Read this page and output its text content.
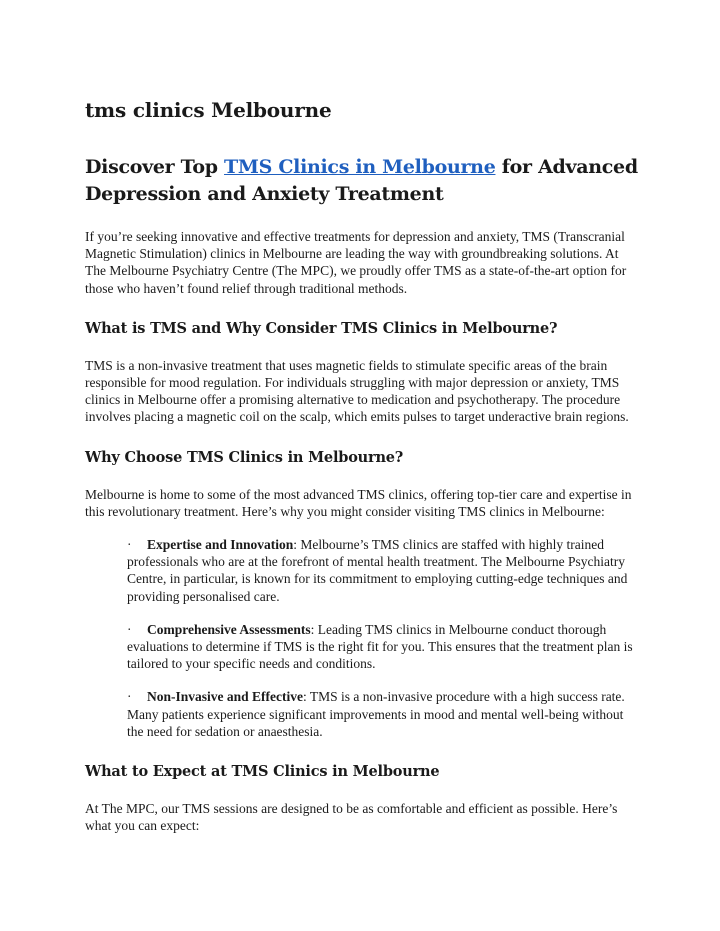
tms clinics Melbourne
Discover Top TMS Clinics in Melbourne for Advanced Depression and Anxiety Treatment

If you’re seeking innovative and effective treatments for depression and anxiety, TMS (Transcranial Magnetic Stimulation) clinics in Melbourne are leading the way with groundbreaking solutions. At The Melbourne Psychiatry Centre (The MPC), we proudly offer TMS as a state-of-the-art option for those who haven’t found relief through traditional methods.

What is TMS and Why Consider TMS Clinics in Melbourne?

TMS is a non-invasive treatment that uses magnetic fields to stimulate specific areas of the brain responsible for mood regulation. For individuals struggling with major depression or anxiety, TMS clinics in Melbourne offer a promising alternative to medication and psychotherapy. The procedure involves placing a magnetic coil on the scalp, which emits pulses to target underactive brain regions.

Why Choose TMS Clinics in Melbourne?

Melbourne is home to some of the most advanced TMS clinics, offering top-tier care and expertise in this revolutionary treatment. Here’s why you might consider visiting TMS clinics in Melbourne:

· Expertise and Innovation: Melbourne’s TMS clinics are staffed with highly trained professionals who are at the forefront of mental health treatment. The Melbourne Psychiatry Centre, in particular, is known for its commitment to employing cutting-edge techniques and providing personalised care.

· Comprehensive Assessments: Leading TMS clinics in Melbourne conduct thorough evaluations to determine if TMS is the right fit for you. This ensures that the treatment plan is tailored to your specific needs and conditions.

· Non-Invasive and Effective: TMS is a non-invasive procedure with a high success rate. Many patients experience significant improvements in mood and mental well-being without the need for sedation or anaesthesia.

What to Expect at TMS Clinics in Melbourne

At The MPC, our TMS sessions are designed to be as comfortable and efficient as possible. Here’s what you can expect:
